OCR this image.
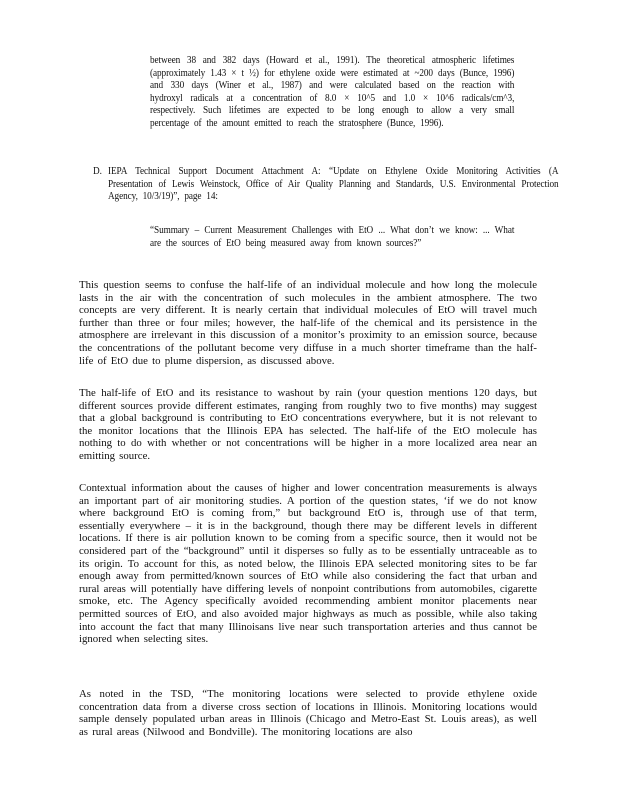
between 38 and 382 days (Howard et al., 1991). The theoretical atmospheric lifetimes (approximately 1.43 × t ½) for ethylene oxide were estimated at ~200 days (Bunce, 1996) and 330 days (Winer et al., 1987) and were calculated based on the reaction with hydroxyl radicals at a concentration of 8.0 × 10^5 and 1.0 × 10^6 radicals/cm^3, respectively. Such lifetimes are expected to be long enough to allow a very small percentage of the amount emitted to reach the stratosphere (Bunce, 1996).

D. IEPA Technical Support Document Attachment A: “Update on Ethylene Oxide Monitoring Activities (A Presentation of Lewis Weinstock, Office of Air Quality Planning and Standards, U.S. Environmental Protection Agency, 10/3/19)”, page 14:

“Summary – Current Measurement Challenges with EtO ... What don’t we know: ... What are the sources of EtO being measured away from known sources?”

This question seems to confuse the half-life of an individual molecule and how long the molecule lasts in the air with the concentration of such molecules in the ambient atmosphere. The two concepts are very different. It is nearly certain that individual molecules of EtO will travel much further than three or four miles; however, the half-life of the chemical and its persistence in the atmosphere are irrelevant in this discussion of a monitor’s proximity to an emission source, because the concentrations of the pollutant become very diffuse in a much shorter timeframe than the half-life of EtO due to plume dispersion, as discussed above.

The half-life of EtO and its resistance to washout by rain (your question mentions 120 days, but different sources provide different estimates, ranging from roughly two to five months) may suggest that a global background is contributing to EtO concentrations everywhere, but it is not relevant to the monitor locations that the Illinois EPA has selected. The half-life of the EtO molecule has nothing to do with whether or not concentrations will be higher in a more localized area near an emitting source.

Contextual information about the causes of higher and lower concentration measurements is always an important part of air monitoring studies. A portion of the question states, ‘if we do not know where background EtO is coming from,” but background EtO is, through use of that term, essentially everywhere – it is in the background, though there may be different levels in different locations. If there is air pollution known to be coming from a specific source, then it would not be considered part of the “background” until it disperses so fully as to be essentially untraceable as to its origin. To account for this, as noted below, the Illinois EPA selected monitoring sites to be far enough away from permitted/known sources of EtO while also considering the fact that urban and rural areas will potentially have differing levels of nonpoint contributions from automobiles, cigarette smoke, etc. The Agency specifically avoided recommending ambient monitor placements near permitted sources of EtO, and also avoided major highways as much as possible, while also taking into account the fact that many Illinoisans live near such transportation arteries and thus cannot be ignored when selecting sites.

As noted in the TSD, “The monitoring locations were selected to provide ethylene oxide concentration data from a diverse cross section of locations in Illinois. Monitoring locations would sample densely populated urban areas in Illinois (Chicago and Metro-East St. Louis areas), as well as rural areas (Nilwood and Bondville). The monitoring locations are also
